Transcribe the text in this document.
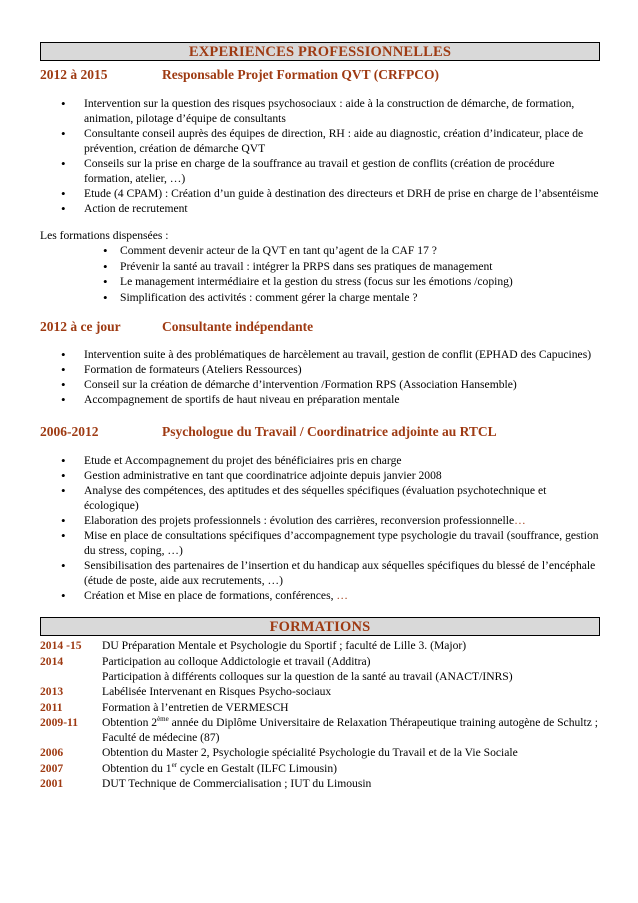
EXPERIENCES PROFESSIONNELLES
2012 à 2015	Responsable Projet Formation QVT (CRFPCO)
• Intervention sur la question des risques psychosociaux : aide à la construction de démarche, de formation, animation, pilotage d’équipe de consultants
• Consultante conseil auprès des équipes de direction, RH : aide au diagnostic, création d’indicateur, place de prévention, création de démarche QVT
• Conseils sur la prise en charge de la souffrance au travail et gestion de conflits (création de procédure formation, atelier, …)
• Etude (4 CPAM) : Création d’un guide à destination des directeurs et DRH de prise en charge de l’absentéisme
• Action de recrutement
Les formations dispensées :
• Comment devenir acteur de la QVT en tant qu’agent de la CAF 17 ?
• Prévenir la santé au travail : intégrer la PRPS dans ses pratiques de management
• Le management intermédiaire et la gestion du stress (focus sur les émotions /coping)
• Simplification des activités : comment gérer la charge mentale ?
2012 à ce jour	Consultante indépendante
• Intervention suite à des problématiques de harcèlement au travail, gestion de conflit (EPHAD des Capucines)
• Formation de formateurs (Ateliers Ressources)
• Conseil sur la création de démarche d’intervention /Formation RPS (Association Hansemble)
• Accompagnement de sportifs de haut niveau en préparation mentale
2006-2012	Psychologue du Travail / Coordinatrice adjointe au RTCL
• Etude et Accompagnement du projet des bénéficiaires pris en charge
• Gestion administrative en tant que coordinatrice adjointe depuis janvier 2008
• Analyse des compétences, des aptitudes et des séquelles spécifiques (évaluation psychotechnique et écologique)
• Elaboration des projets professionnels : évolution des carrières, reconversion professionnelle…
• Mise en place de consultations spécifiques d’accompagnement type psychologie du travail (souffrance, gestion du stress, coping, …)
• Sensibilisation des partenaires de l’insertion et du handicap aux séquelles spécifiques du blessé de l’encéphale (étude de poste, aide aux recrutements, …)
• Création et Mise en place de formations, conférences, …
FORMATIONS
2014 -15	DU Préparation Mentale et Psychologie du Sportif ; faculté de Lille 3. (Major)
2014	Participation au colloque Addictologie et travail (Additra)
Participation à différents colloques sur la question de la santé au travail (ANACT/INRS)
2013	Labélisée Intervenant en Risques Psycho-sociaux
2011	Formation à l’entretien de VERMESCH
2009-11	Obtention 2ème année du Diplôme Universitaire de Relaxation Thérapeutique training autogène de Schultz ; Faculté de médecine (87)
2006	Obtention du Master 2, Psychologie spécialité Psychologie du Travail et de la Vie Sociale
2007	Obtention du 1er cycle en Gestalt (ILFC Limousin)
2001	DUT Technique de Commercialisation ; IUT du Limousin
